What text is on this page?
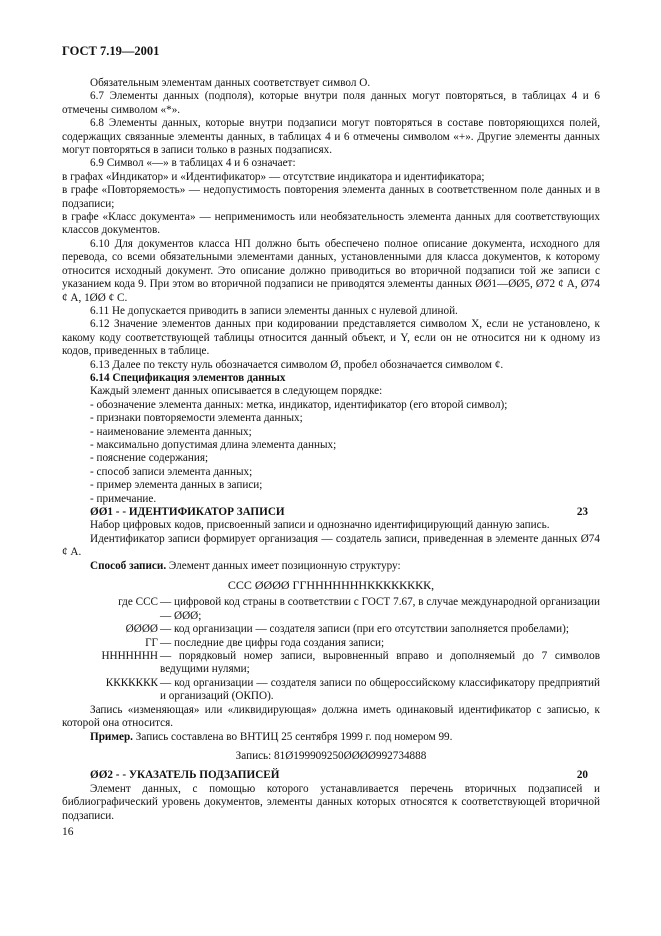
ГОСТ 7.19—2001

Обязательным элементам данных соответствует символ О.

6.7 Элементы данных (подполя), которые внутри поля данных могут повторяться, в таблицах 4 и 6 отмечены символом «*».

6.8 Элементы данных, которые внутри подзаписи могут повторяться в составе повторяющихся полей, содержащих связанные элементы данных, в таблицах 4 и 6 отмечены символом «+». Другие элементы данных могут повторяться в записи только в разных подзаписях.

6.9 Символ «—» в таблицах 4 и 6 означает:

в графах «Индикатор» и «Идентификатор» — отсутствие индикатора и идентификатора;

в графе «Повторяемость» — недопустимость повторения элемента данных в соответственном поле данных и в подзаписи;

в графе «Класс документа» — неприменимость или необязательность элемента данных для соответствующих классов документов.

6.10 Для документов класса НП должно быть обеспечено полное описание документа, исходного для перевода, со всеми обязательными элементами данных, установленными для класса документов, к которому относится исходный документ. Это описание должно приводиться во вторичной подзаписи той же записи с указанием кода 9. При этом во вторичной подзаписи не приводятся элементы данных ØØ1—ØØ5, Ø72 ȼ А, Ø74 ȼ А, 1ØØ ȼ С.

6.11 Не допускается приводить в записи элементы данных с нулевой длиной.

6.12 Значение элементов данных при кодировании представляется символом Х, если не установлено, к какому коду соответствующей таблицы относится данный объект, и Y, если он не относится ни к одному из кодов, приведенных в таблице.

6.13 Далее по тексту нуль обозначается символом Ø, пробел обозначается символом ȼ.

6.14 Спецификация элементов данных

Каждый элемент данных описывается в следующем порядке:

- обозначение элемента данных: метка, индикатор, идентификатор (его второй символ);

- признаки повторяемости элемента данных;

- наименование элемента данных;

- максимально допустимая длина элемента данных;

- пояснение содержания;

- способ записи элемента данных;

- пример элемента данных в записи;

- примечание.

ØØ1 - - ИДЕНТИФИКАТОР ЗАПИСИ	23

Набор цифровых кодов, присвоенный записи и однозначно идентифицирующий данную запись.

Идентификатор записи формирует организация — создатель записи, приведенная в элементе данных Ø74 ȼ А.

Способ записи. Элемент данных имеет позиционную структуру:

ССС ØØØØ ГГНННННННКККККККК,

где ССС — цифровой код страны в соответствии с ГОСТ 7.67, в случае международной организации — ØØØ;
ØØØØ — код организации — создателя записи (при его отсутствии заполняется пробелами);
ГГ — последние две цифры года создания записи;
ННННННН — порядковый номер записи, выровненный вправо и дополняемый до 7 символов ведущими нулями;
ККККККК — код организации — создателя записи по общероссийскому классификатору предприятий и организаций (ОКПО).

Запись «изменяющая» или «ликвидирующая» должна иметь одинаковый идентификатор с записью, к которой она относится.

Пример. Запись составлена во ВНТИЦ 25 сентября 1999 г. под номером 99.

Запись: 81Ø199909250ØØØØ992734888

ØØ2 - - УКАЗАТЕЛЬ ПОДЗАПИСЕЙ	20

Элемент данных, с помощью которого устанавливается перечень вторичных подзаписей и библиографический уровень документов, элементы данных которых относятся к соответствующей вторичной подзаписи.

16
